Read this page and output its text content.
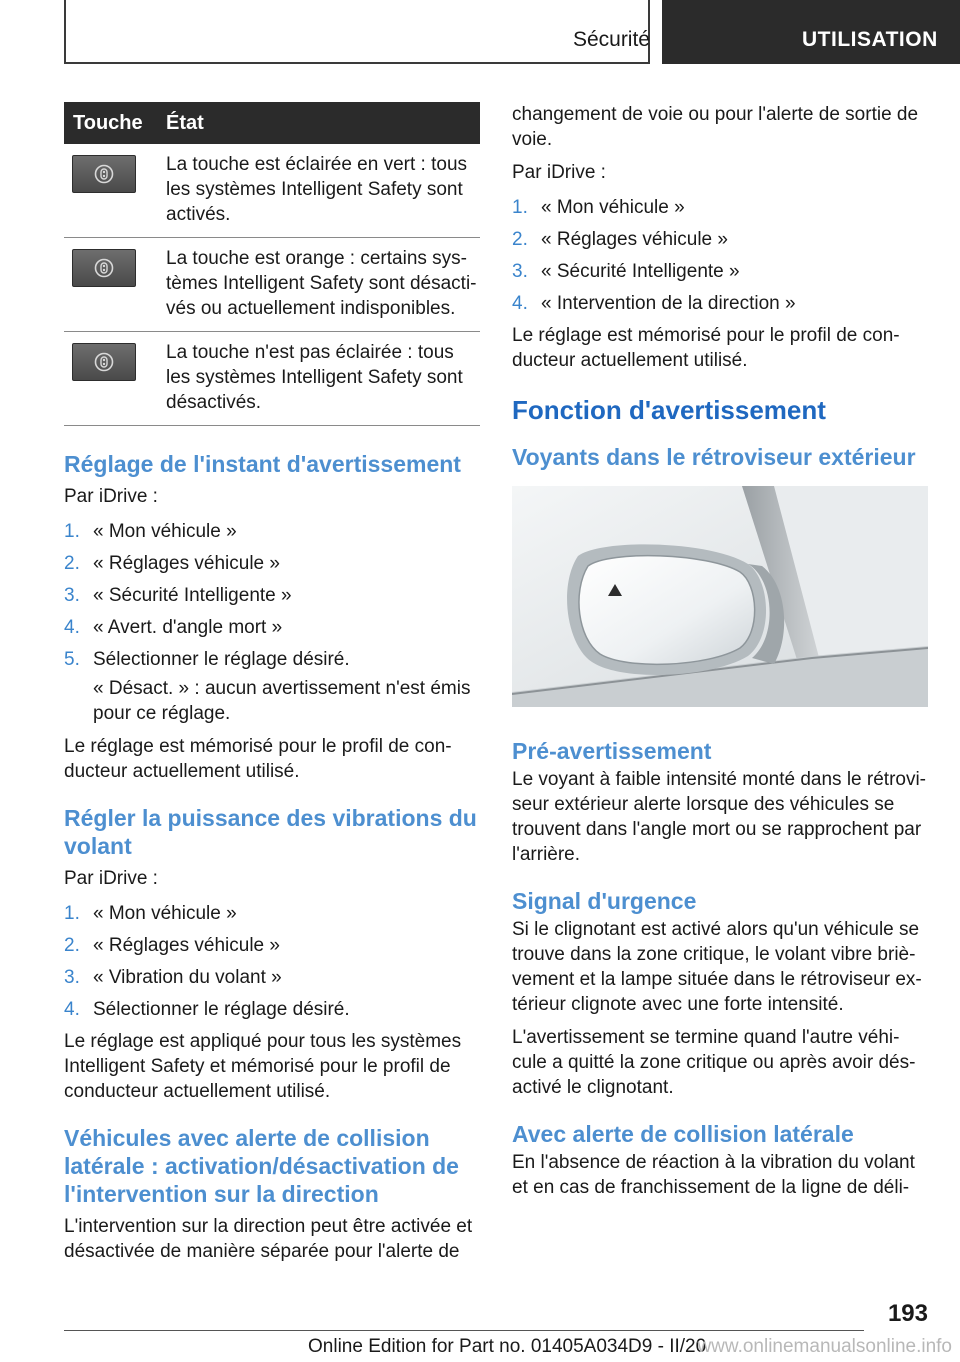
Sécurité	UTILISATION
Touche	État

	La touche est éclairée en vert : tous les systèmes Intelligent Safety sont activés.

	La touche est orange : certains sys-tèmes Intelligent Safety sont désacti-vés ou actuellement indisponibles.

	La touche n'est pas éclairée : tous les systèmes Intelligent Safety sont désactivés.
Réglage de l'instant d'avertissement

Par iDrive :

1. « Mon véhicule »
2. « Réglages véhicule »
3. « Sécurité Intelligente »
4. « Avert. d'angle mort »
5. Sélectionner le réglage désiré.

« Désact. » : aucun avertissement n'est émis pour ce réglage.

Le réglage est mémorisé pour le profil de con-ducteur actuellement utilisé.

Régler la puissance des vibrations du volant

Par iDrive :

1. « Mon véhicule »
2. « Réglages véhicule »
3. « Vibration du volant »
4. Sélectionner le réglage désiré.

Le réglage est appliqué pour tous les systèmes Intelligent Safety et mémorisé pour le profil de conducteur actuellement utilisé.

Véhicules avec alerte de collision latérale : activation/désactivation de l'intervention sur la direction

L'intervention sur la direction peut être activée et désactivée de manière séparée pour l'alerte de

changement de voie ou pour l'alerte de sortie de voie.

Par iDrive :

1. « Mon véhicule »
2. « Réglages véhicule »
3. « Sécurité Intelligente »
4. « Intervention de la direction »

Le réglage est mémorisé pour le profil de con-ducteur actuellement utilisé.

Fonction d'avertissement
Voyants dans le rétroviseur extérieur
Pré-avertissement

Le voyant à faible intensité monté dans le rétrovi-seur extérieur alerte lorsque des véhicules se trouvent dans l'angle mort ou se rapprochent par l'arrière.

Signal d'urgence

Si le clignotant est activé alors qu'un véhicule se trouve dans la zone critique, le volant vibre briè-vement et la lampe située dans le rétroviseur ex-térieur clignote avec une forte intensité.

L'avertissement se termine quand l'autre véhi-cule a quitté la zone critique ou après avoir dés-activé le clignotant.

Avec alerte de collision latérale

En l'absence de réaction à la vibration du volant et en cas de franchissement de la ligne de déli-

193
Online Edition for Part no. 01405A034D9 - II/20
www.onlinemanualsonline.info
